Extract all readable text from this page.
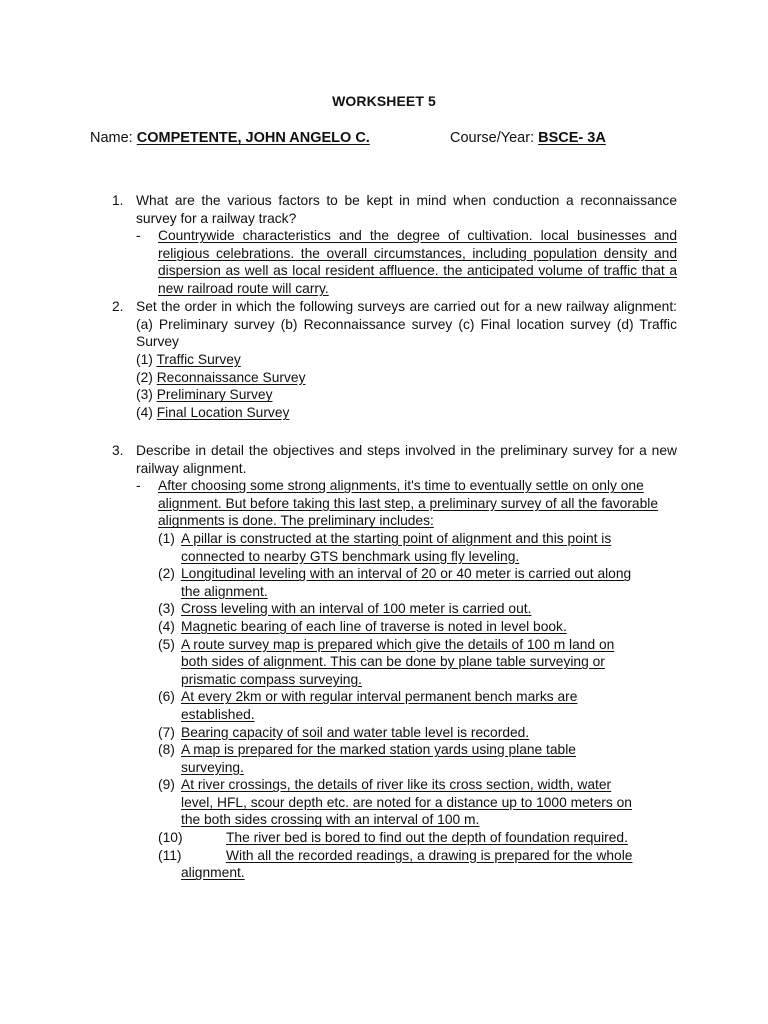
WORKSHEET 5
Name: COMPETENTE, JOHN ANGELO C.	Course/Year: BSCE- 3A
1. What are the various factors to be kept in mind when conduction a reconnaissance survey for a railway track?
- Countrywide characteristics and the degree of cultivation. local businesses and religious celebrations. the overall circumstances, including population density and dispersion as well as local resident affluence. the anticipated volume of traffic that a new railroad route will carry.
2. Set the order in which the following surveys are carried out for a new railway alignment: (a) Preliminary survey (b) Reconnaissance survey (c) Final location survey (d) Traffic Survey
(1) Traffic Survey
(2) Reconnaissance Survey
(3) Preliminary Survey
(4) Final Location Survey
3. Describe in detail the objectives and steps involved in the preliminary survey for a new railway alignment.
- After choosing some strong alignments, it's time to eventually settle on only one alignment. But before taking this last step, a preliminary survey of all the favorable alignments is done. The preliminary includes:
(1) A pillar is constructed at the starting point of alignment and this point is
connected to nearby GTS benchmark using fly leveling.
(2) Longitudinal leveling with an interval of 20 or 40 meter is carried out along
the alignment.
(3) Cross leveling with an interval of 100 meter is carried out.
(4) Magnetic bearing of each line of traverse is noted in level book.
(5) A route survey map is prepared which give the details of 100 m land on
both sides of alignment. This can be done by plane table surveying or
prismatic compass surveying.
(6) At every 2km or with regular interval permanent bench marks are
established.
(7) Bearing capacity of soil and water table level is recorded.
(8) A map is prepared for the marked station yards using plane table
surveying.
(9) At river crossings, the details of river like its cross section, width, water
level, HFL, scour depth etc. are noted for a distance up to 1000 meters on
the both sides crossing with an interval of 100 m.
(10)	The river bed is bored to find out the depth of foundation required.
(11)	With all the recorded readings, a drawing is prepared for the whole
alignment.
